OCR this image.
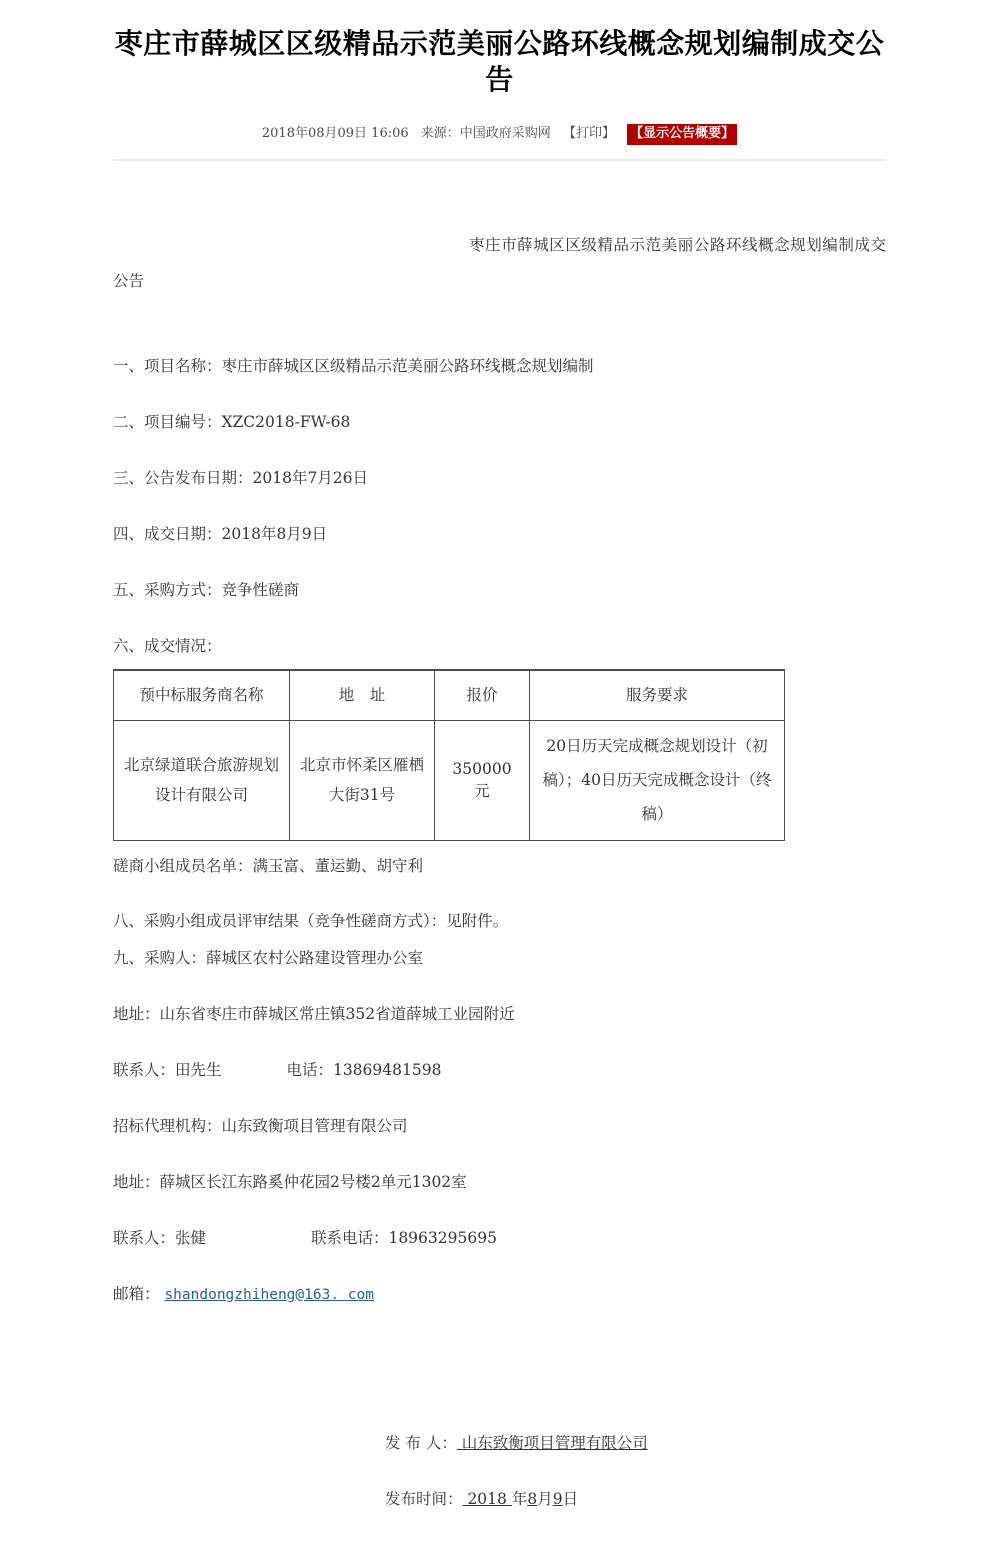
枣庄市薛城区区级精品示范美丽公路环线概念规划编制成交公告
2018年08月09日 16:06 来源：中国政府采购网 【打印】 【显示公告概要】

枣庄市薛城区区级精品示范美丽公路环线概念规划编制成交公告

一、项目名称：枣庄市薛城区区级精品示范美丽公路环线概念规划编制

二、项目编号：XZC2018-FW-68

三、公告发布日期：2018年7月26日

四、成交日期：2018年8月9日

五、采购方式：竞争性磋商

六、成交情况：

预中标服务商名称	地　址	报价	服务要求
北京绿道联合旅游规划设计有限公司	北京市怀柔区雁栖大街31号	350000元	20日历天完成概念规划设计（初稿）；40日历天完成概念设计（终稿）

磋商小组成员名单：满玉富、董运勤、胡守利

八、采购小组成员评审结果（竞争性磋商方式）：见附件。

九、采购人：薛城区农村公路建设管理办公室

地址：山东省枣庄市薛城区常庄镇352省道薛城工业园附近

联系人：田先生	电话：13869481598

招标代理机构：山东致衡项目管理有限公司

地址：薛城区长江东路奚仲花园2号楼2单元1302室

联系人：张健	联系电话：18963295695

邮箱： shandongzhiheng@163. com

发 布 人： 山东致衡项目管理有限公司
发布时间： 2018 年8月9日
